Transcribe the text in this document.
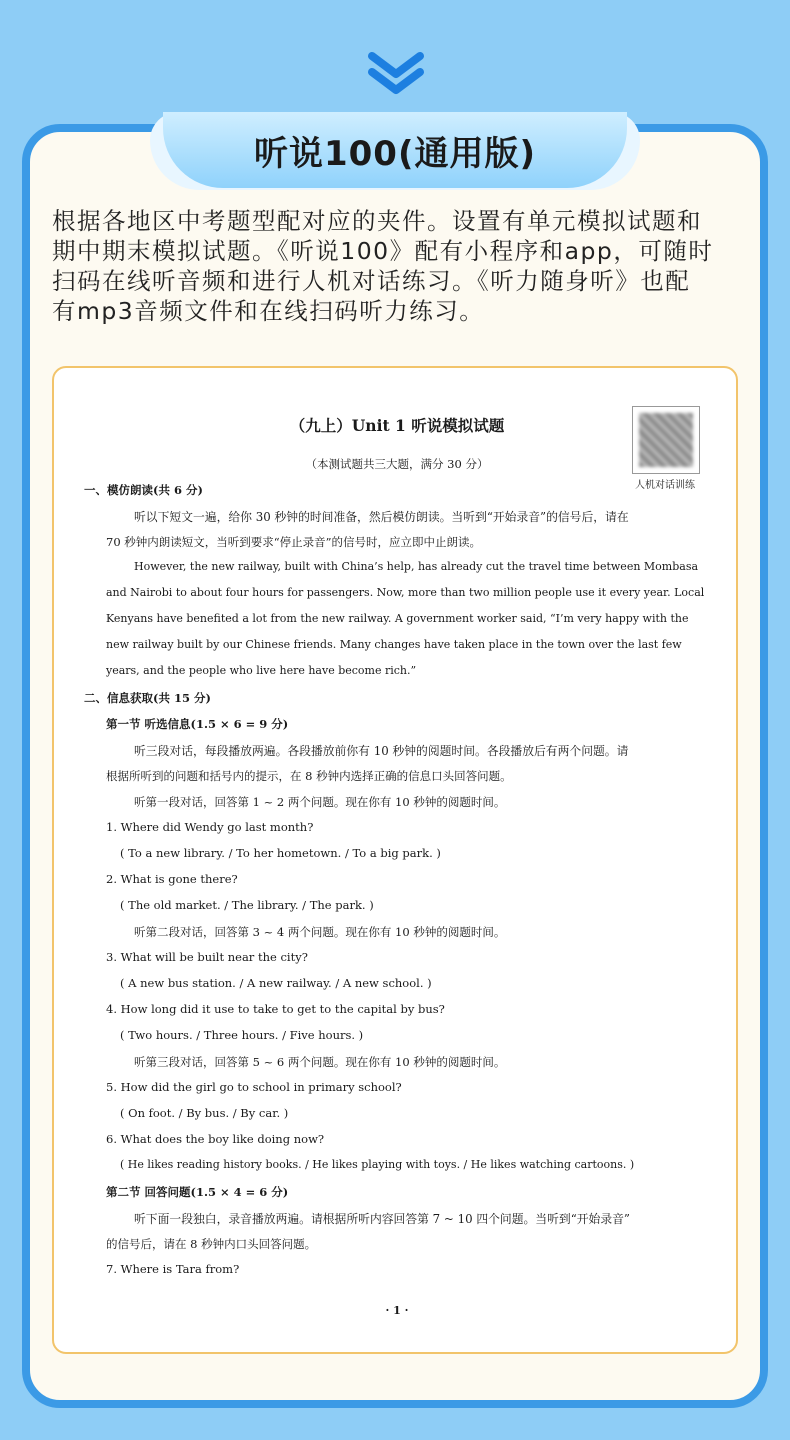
听说100(通用版)
根据各地区中考题型配对应的夹件。设置有单元模拟试题和
期中期末模拟试题。《听说100》配有小程序和app，可随时
扫码在线听音频和进行人机对话练习。《听力随身听》也配
有mp3音频文件和在线扫码听力练习。
（九上）Unit 1 听说模拟试题
（本测试题共三大题，满分 30 分）
人机对话训练
一、模仿朗读(共 6 分)
听以下短文一遍，给你 30 秒钟的时间准备，然后模仿朗读。当听到“开始录音”的信号后，请在
70 秒钟内朗读短文，当听到要求“停止录音”的信号时，应立即中止朗读。
However, the new railway, built with China’s help, has already cut the travel time between Mombasa
and Nairobi to about four hours for passengers. Now, more than two million people use it every year. Local
Kenyans have benefited a lot from the new railway. A government worker said, “I’m very happy with the
new railway built by our Chinese friends. Many changes have taken place in the town over the last few
years, and the people who live here have become rich.”
二、信息获取(共 15 分)
第一节 听选信息(1.5 × 6 = 9 分)
听三段对话，每段播放两遍。各段播放前你有 10 秒钟的阅题时间。各段播放后有两个问题。请
根据所听到的问题和括号内的提示，在 8 秒钟内选择正确的信息口头回答问题。
听第一段对话，回答第 1 ~ 2 两个问题。现在你有 10 秒钟的阅题时间。
1. Where did Wendy go last month?
( To a new library. / To her hometown. / To a big park. )
2. What is gone there?
( The old market. / The library. / The park. )
听第二段对话，回答第 3 ~ 4 两个问题。现在你有 10 秒钟的阅题时间。
3. What will be built near the city?
( A new bus station. / A new railway. / A new school. )
4. How long did it use to take to get to the capital by bus?
( Two hours. / Three hours. / Five hours. )
听第三段对话，回答第 5 ~ 6 两个问题。现在你有 10 秒钟的阅题时间。
5. How did the girl go to school in primary school?
( On foot. / By bus. / By car. )
6. What does the boy like doing now?
( He likes reading history books. / He likes playing with toys. / He likes watching cartoons. )
第二节 回答问题(1.5 × 4 = 6 分)
听下面一段独白，录音播放两遍。请根据所听内容回答第 7 ~ 10 四个问题。当听到“开始录音”
的信号后，请在 8 秒钟内口头回答问题。
7. Where is Tara from?
· 1 ·
